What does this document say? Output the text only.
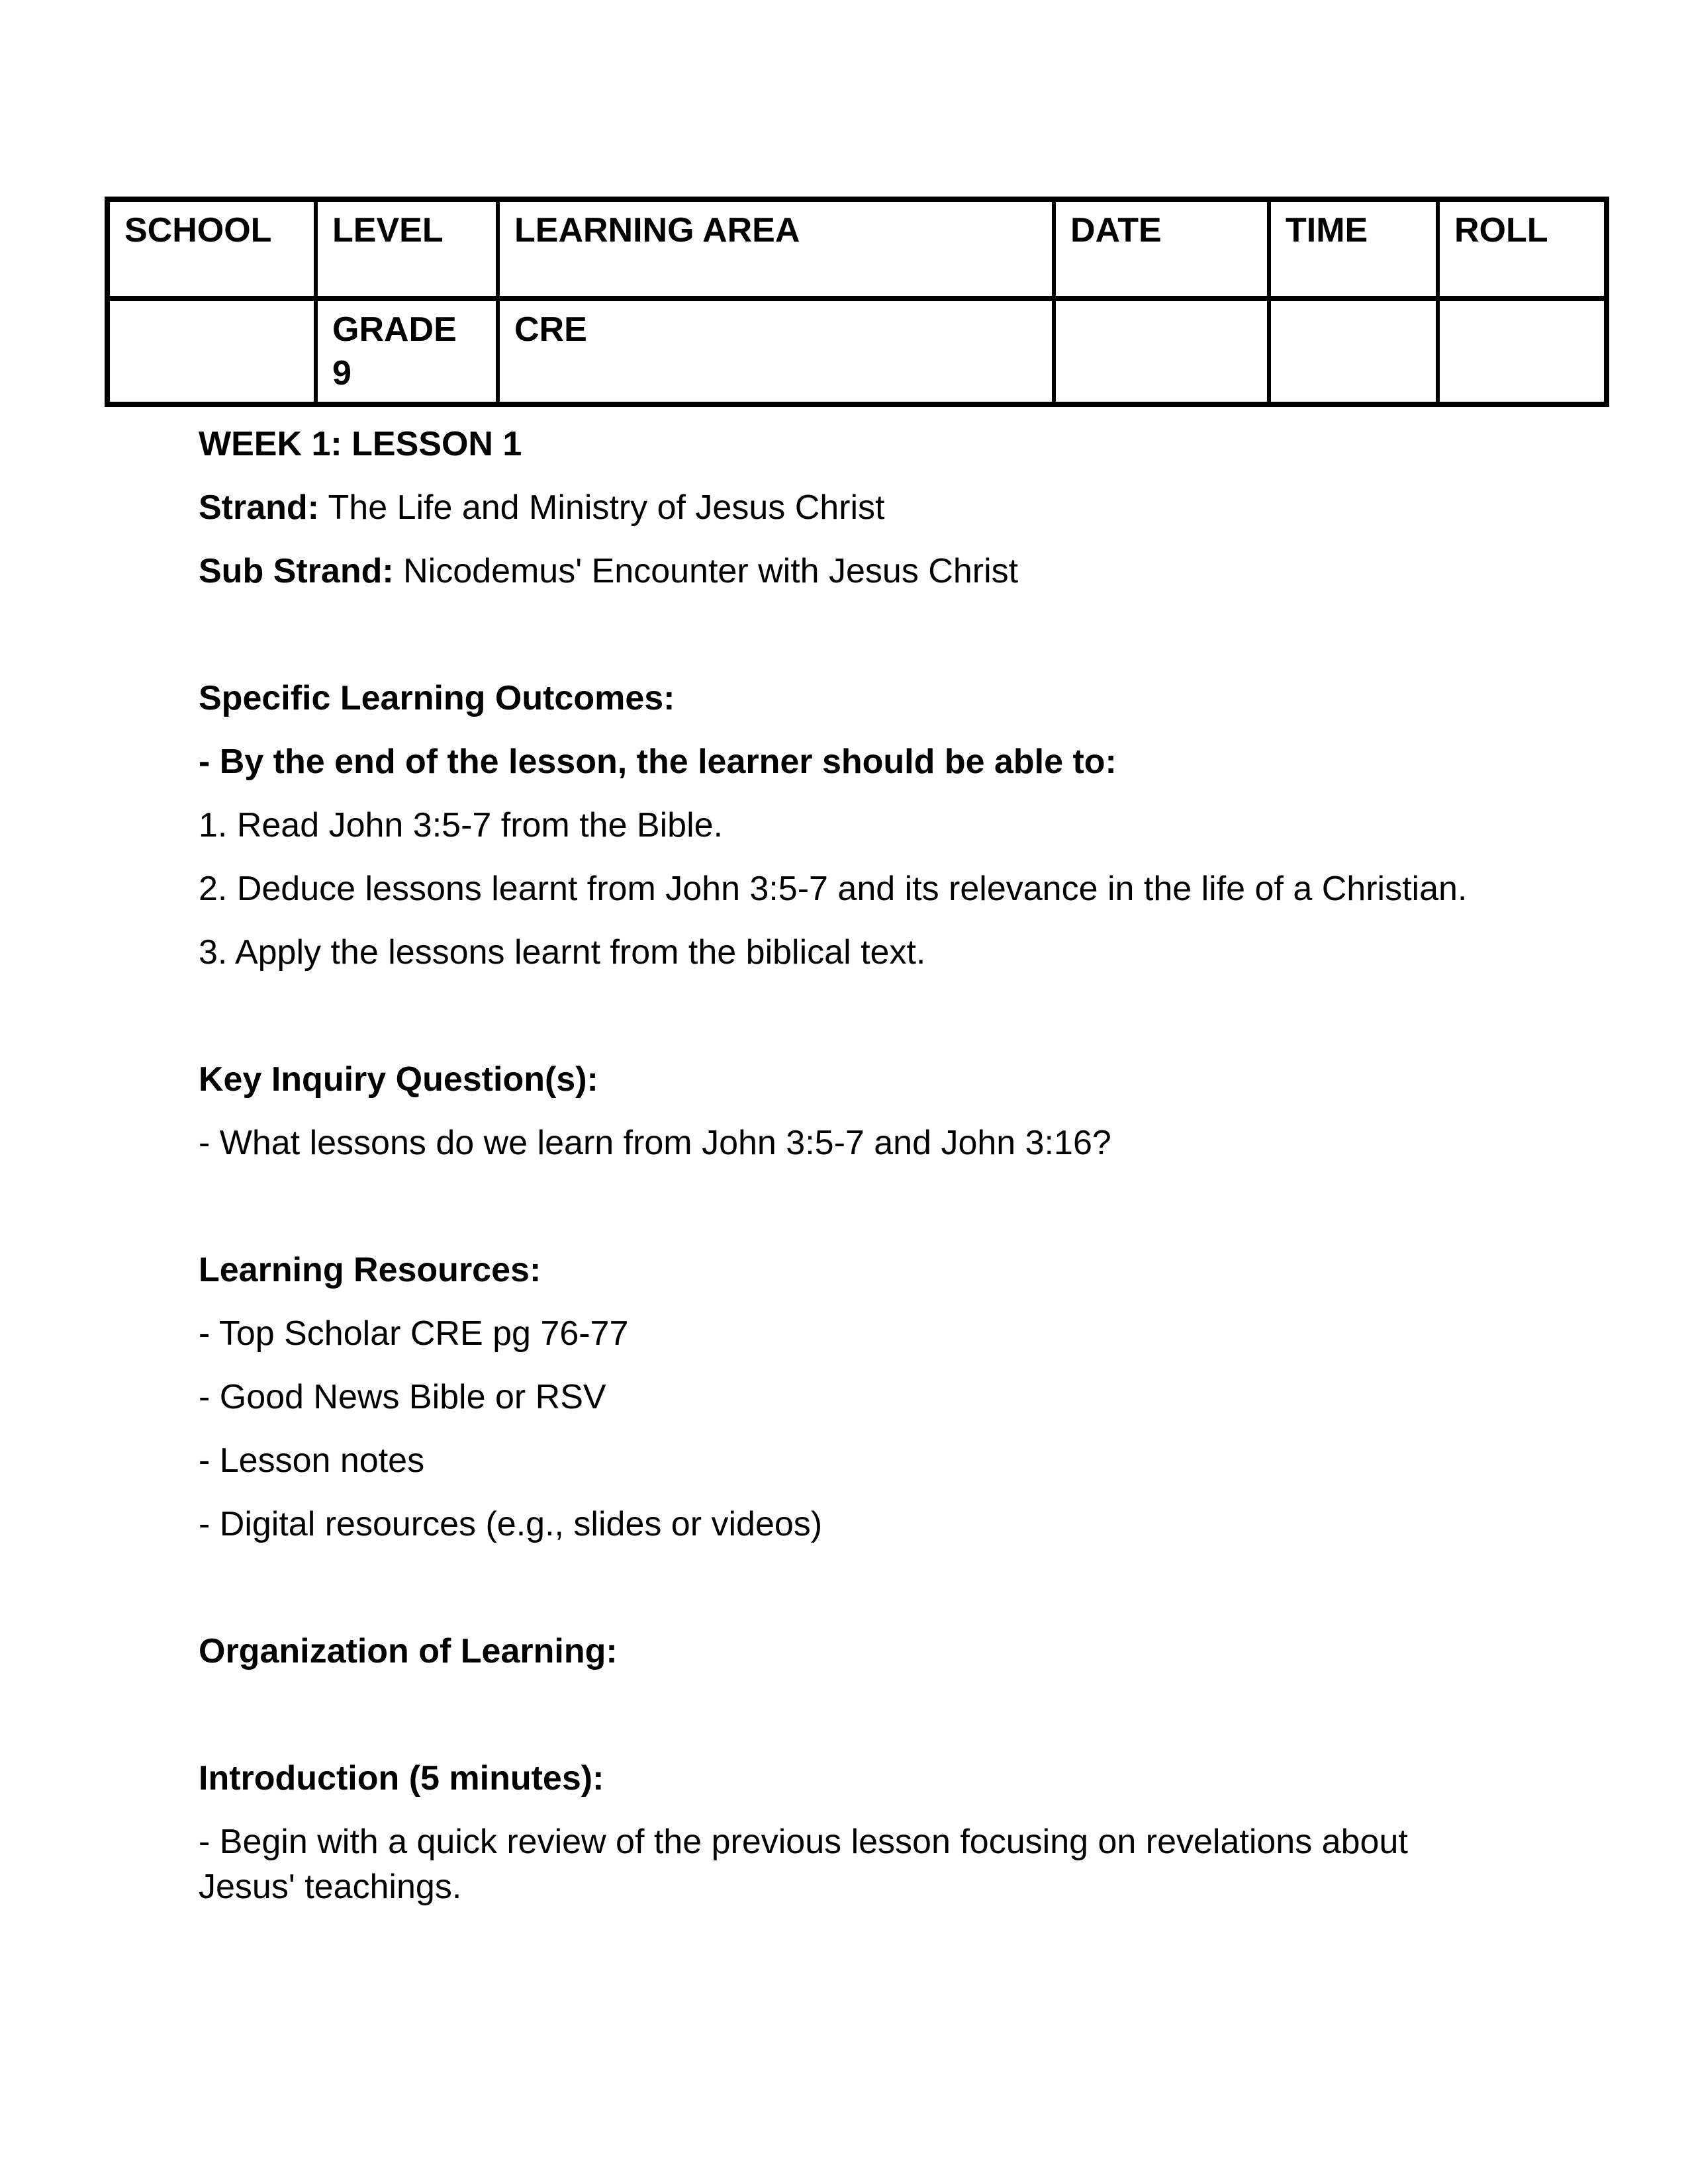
SCHOOL	LEVEL	LEARNING AREA	DATE	TIME	ROLL
	GRADE 9	CRE			

WEEK 1: LESSON 1

Strand: The Life and Ministry of Jesus Christ

Sub Strand: Nicodemus' Encounter with Jesus Christ

Specific Learning Outcomes:

- By the end of the lesson, the learner should be able to:

1. Read John 3:5-7 from the Bible.

2. Deduce lessons learnt from John 3:5-7 and its relevance in the life of a Christian.

3. Apply the lessons learnt from the biblical text.

Key Inquiry Question(s):

- What lessons do we learn from John 3:5-7 and John 3:16?

Learning Resources:

- Top Scholar CRE pg 76-77

- Good News Bible or RSV

- Lesson notes

- Digital resources (e.g., slides or videos)

Organization of Learning:

Introduction (5 minutes):

- Begin with a quick review of the previous lesson focusing on revelations about Jesus' teachings.
